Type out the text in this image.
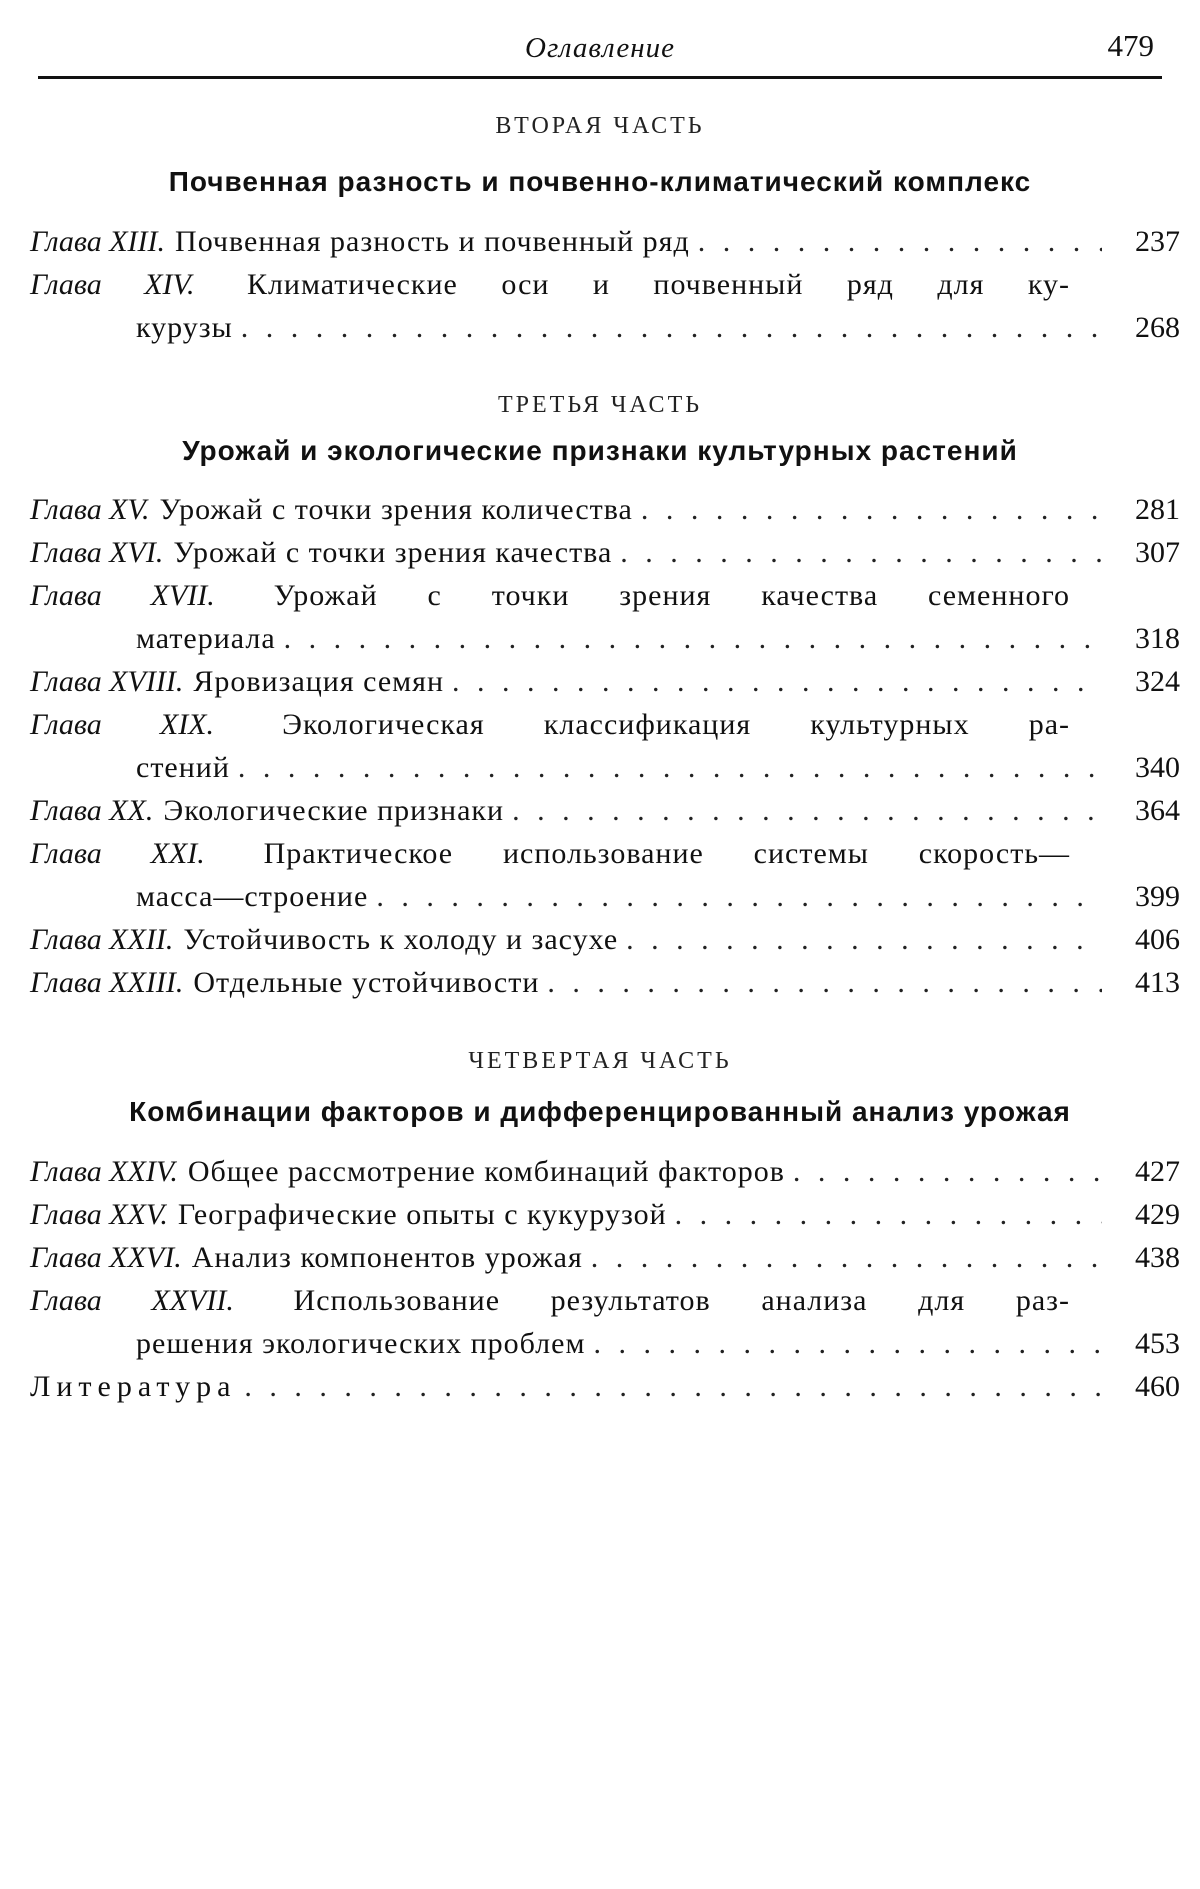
Оглавление	479
ВТОРАЯ ЧАСТЬ
Почвенная разность и почвенно-климатический комплекс
Глава XIII. Почвенная разность и почвенный ряд . . .	237
Глава XIV. Климатические оси и почвенный ряд для ку-
курузы . . .	268
ТРЕТЬЯ ЧАСТЬ
Урожай и экологические признаки культурных растений
Глава XV. Урожай с точки зрения количества . . .	281
Глава XVI. Урожай с точки зрения качества . . .	307
Глава XVII. Урожай с точки зрения качества семенного
материала . . .	318
Глава XVIII. Яровизация семян . . .	324
Глава XIX. Экологическая классификация культурных ра-
стений . . .	340
Глава XX. Экологические признаки . . .	364
Глава XXI. Практическое использование системы скорость—
масса—строение . . .	399
Глава XXII. Устойчивость к холоду и засухе . . .	406
Глава XXIII. Отдельные устойчивости . . .	413
ЧЕТВЕРТАЯ ЧАСТЬ
Комбинации факторов и дифференцированный анализ урожая
Глава XXIV. Общее рассмотрение комбинаций факторов . . .	427
Глава XXV. Географические опыты с кукурузой . . .	429
Глава XXVI. Анализ компонентов урожая . . .	438
Глава XXVII. Использование результатов анализа для раз-
решения экологических проблем . . .	453
Литература . . .	460
